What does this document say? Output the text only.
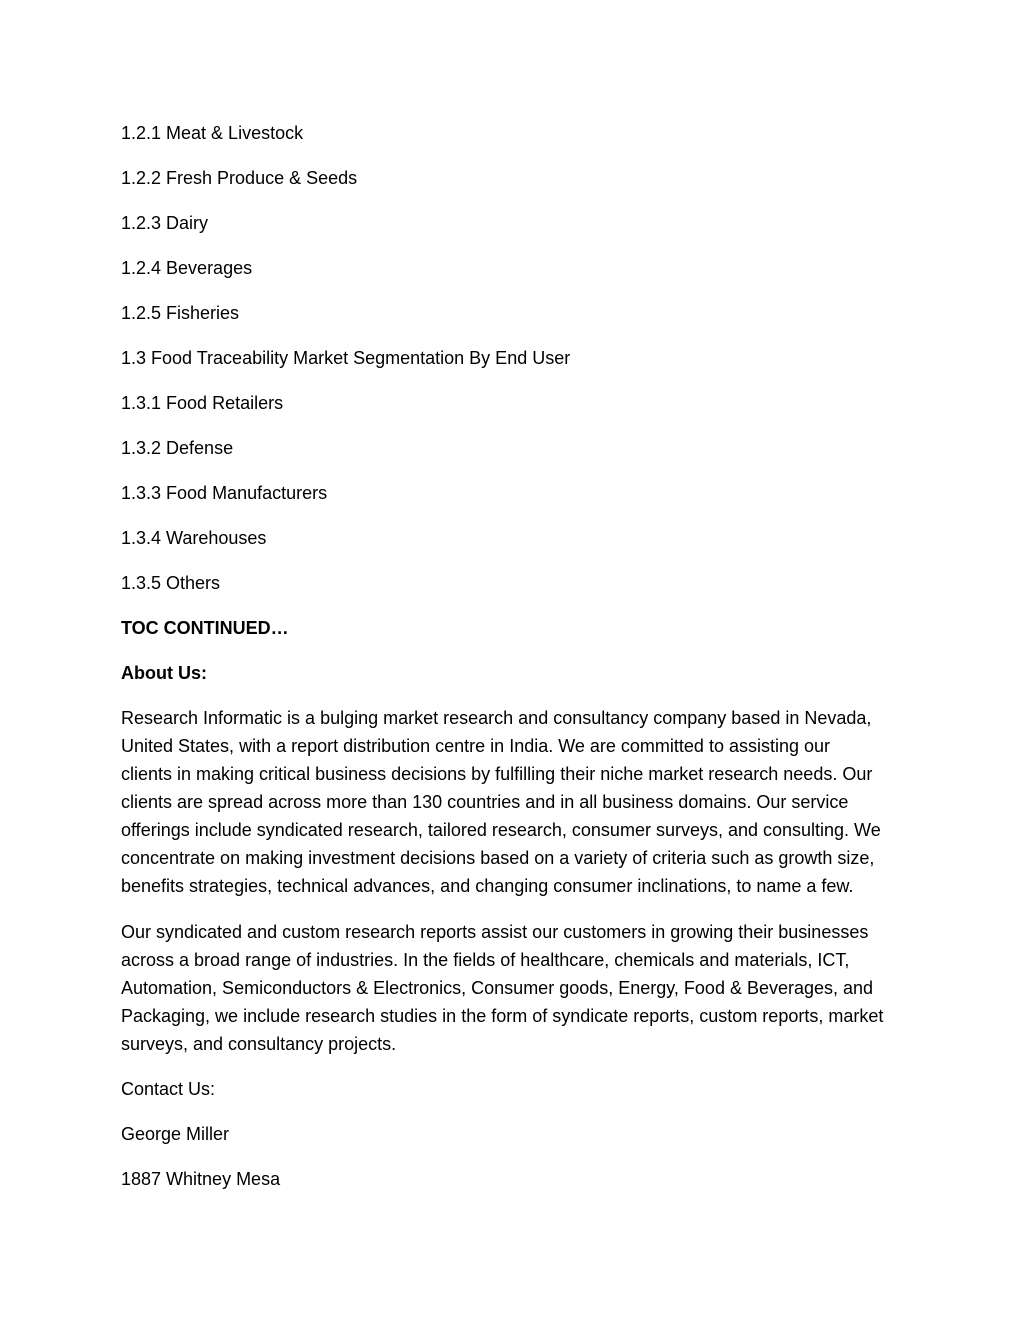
1.2.1 Meat & Livestock
1.2.2 Fresh Produce & Seeds
1.2.3 Dairy
1.2.4 Beverages
1.2.5 Fisheries
1.3 Food Traceability Market Segmentation By End User
1.3.1 Food Retailers
1.3.2 Defense
1.3.3 Food Manufacturers
1.3.4 Warehouses
1.3.5 Others
TOC CONTINUED…
About Us:
Research Informatic is a bulging market research and consultancy company based in Nevada,
United States, with a report distribution centre in India. We are committed to assisting our
clients in making critical business decisions by fulfilling their niche market research needs. Our
clients are spread across more than 130 countries and in all business domains. Our service
offerings include syndicated research, tailored research, consumer surveys, and consulting. We
concentrate on making investment decisions based on a variety of criteria such as growth size,
benefits strategies, technical advances, and changing consumer inclinations, to name a few.
Our syndicated and custom research reports assist our customers in growing their businesses
across a broad range of industries. In the fields of healthcare, chemicals and materials, ICT,
Automation, Semiconductors & Electronics, Consumer goods, Energy, Food & Beverages, and
Packaging, we include research studies in the form of syndicate reports, custom reports, market
surveys, and consultancy projects.
Contact Us:
George Miller
1887 Whitney Mesa
